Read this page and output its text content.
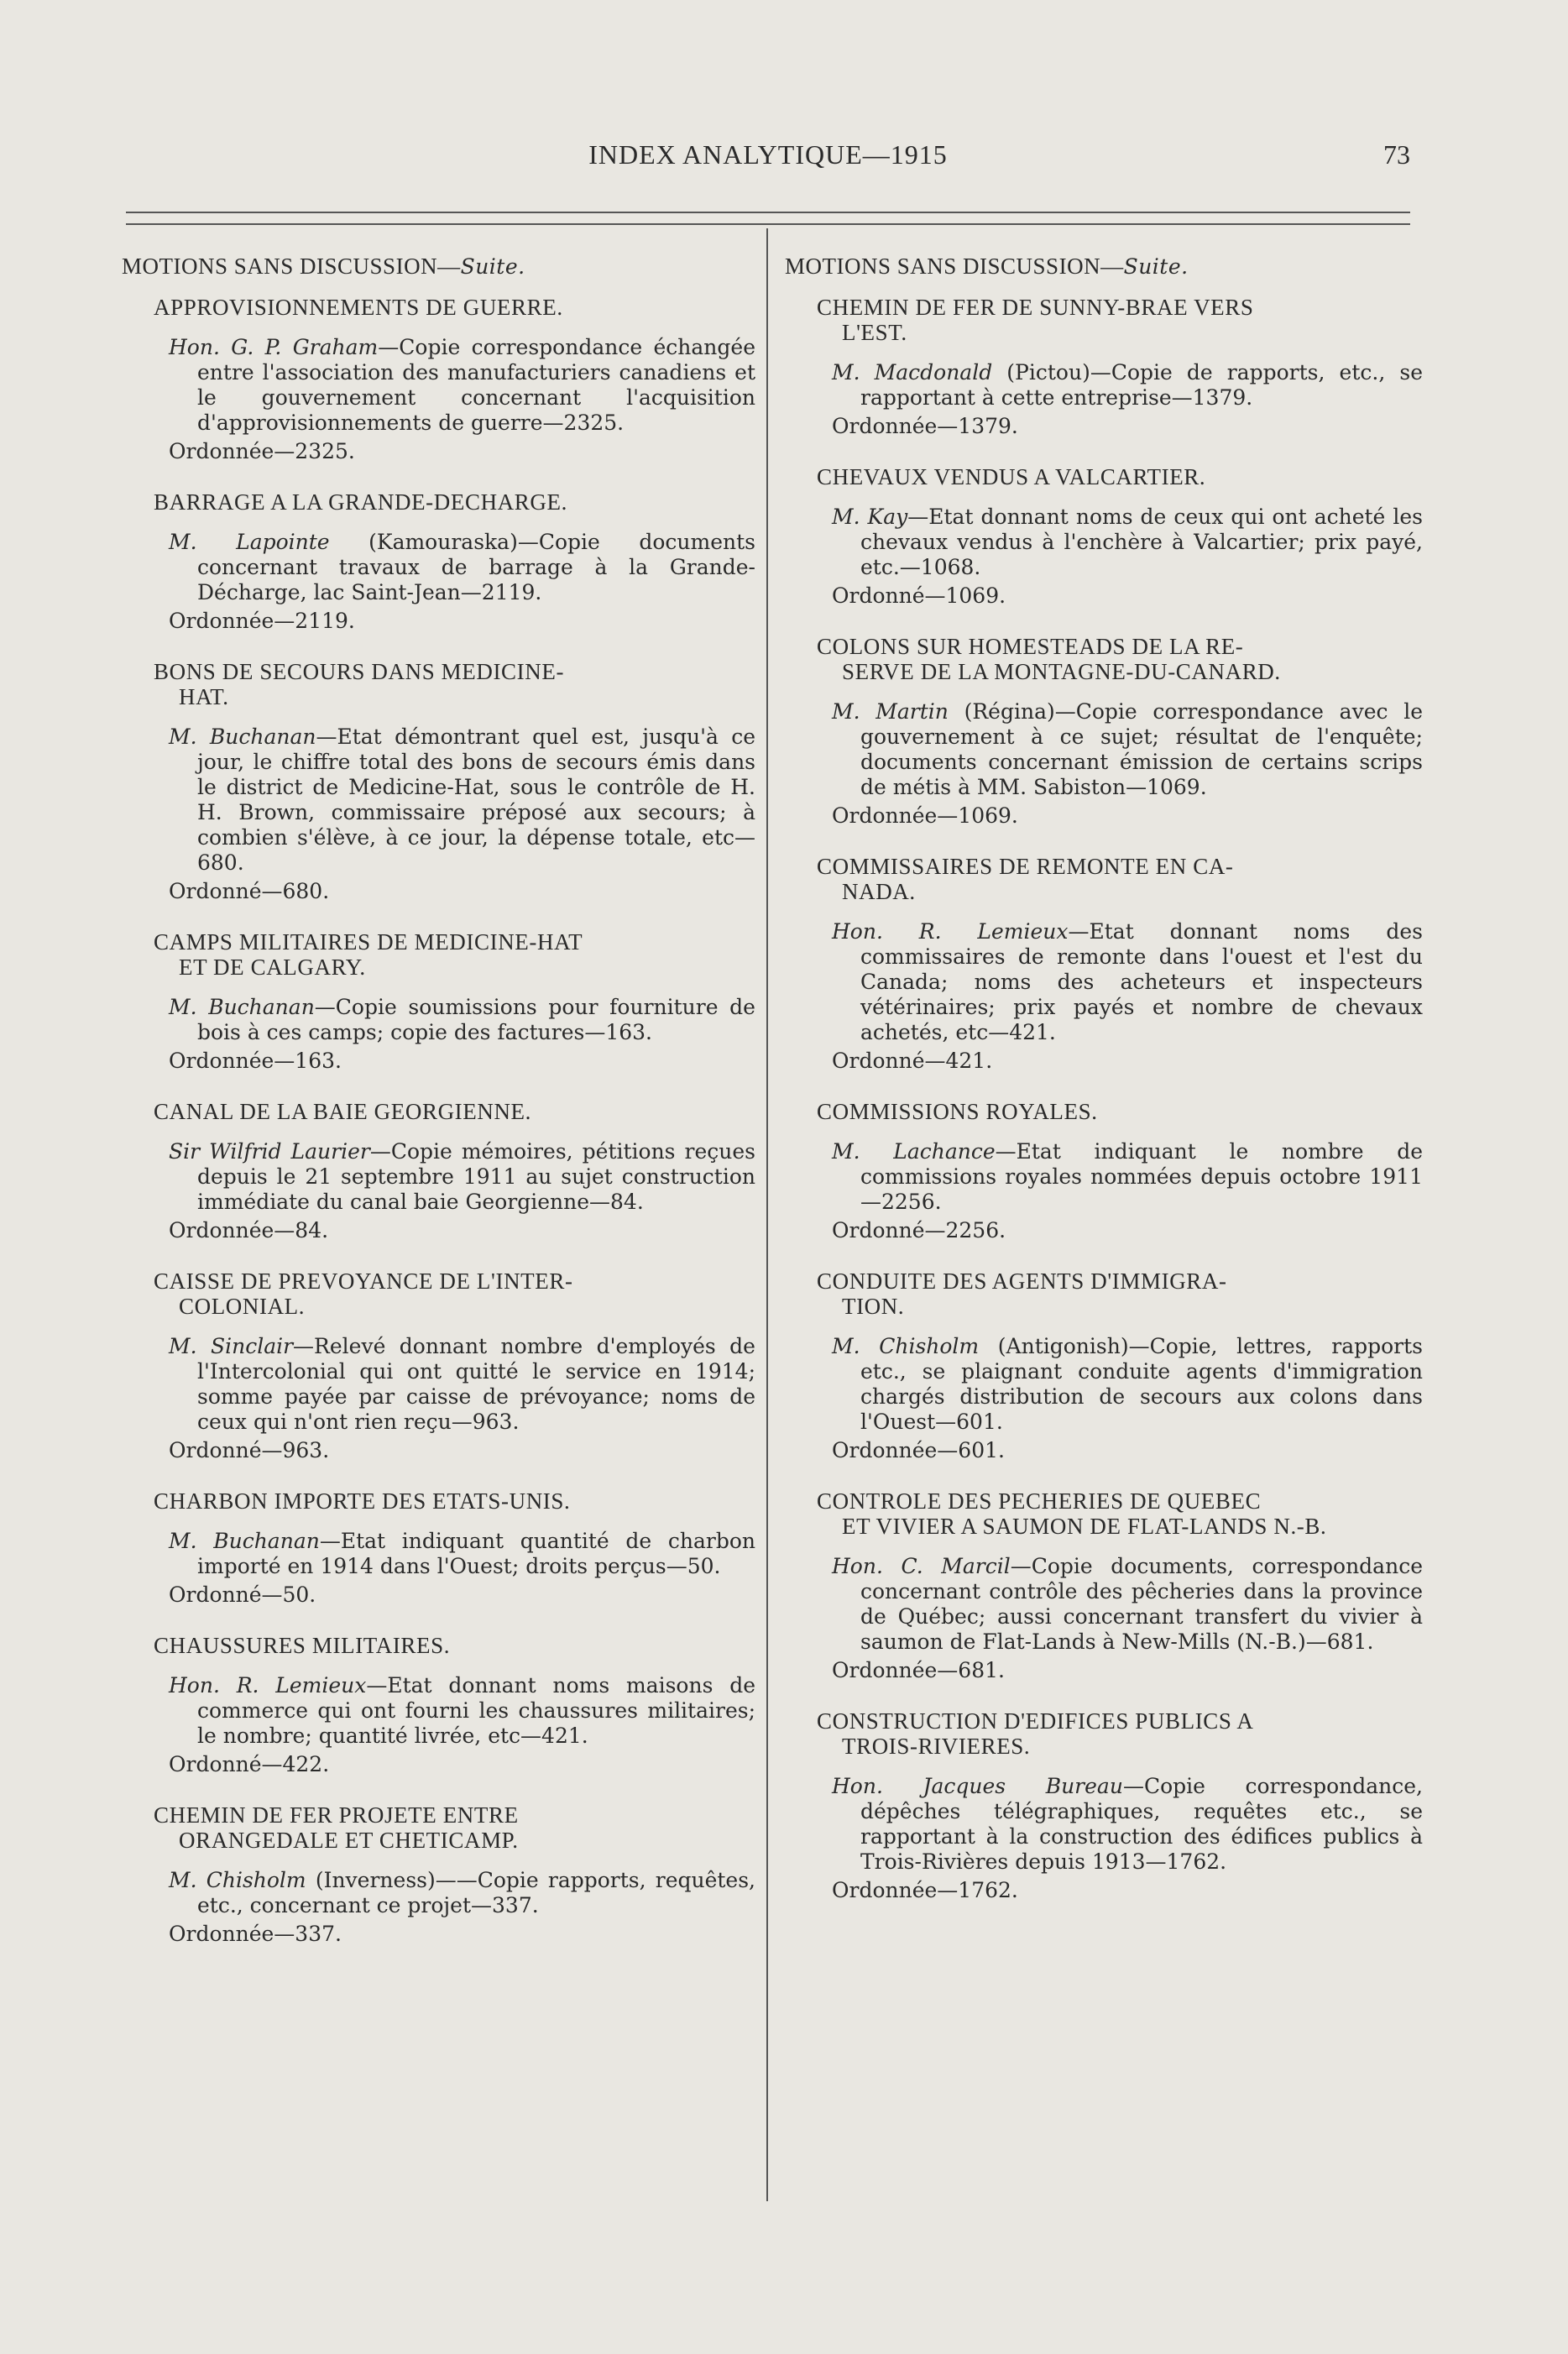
INDEX ANALYTIQUE—1915	73
MOTIONS SANS DISCUSSION—Suite.
APPROVISIONNEMENTS DE GUERRE.
Hon. G. P. Graham—Copie correspondance échangée entre l'association des manufacturiers canadiens et le gouvernement concernant l'acquisition d'approvisionnements de guerre—2325.
Ordonnée—2325.
BARRAGE A LA GRANDE-DECHARGE.
M. Lapointe (Kamouraska)—Copie documents concernant travaux de barrage à la Grande-Décharge, lac Saint-Jean—2119.
Ordonnée—2119.
BONS DE SECOURS DANS MEDICINE-
HAT.
M. Buchanan—Etat démontrant quel est, jusqu'à ce jour, le chiffre total des bons de secours émis dans le district de Medicine-Hat, sous le contrôle de H. H. Brown, commissaire préposé aux secours; à combien s'élève, à ce jour, la dépense totale, etc—680.
Ordonné—680.
CAMPS MILITAIRES DE MEDICINE-HAT
ET DE CALGARY.
M. Buchanan—Copie soumissions pour fourniture de bois à ces camps; copie des factures—163.
Ordonnée—163.
CANAL DE LA BAIE GEORGIENNE.
Sir Wilfrid Laurier—Copie mémoires, pétitions reçues depuis le 21 septembre 1911 au sujet construction immédiate du canal baie Georgienne—84.
Ordonnée—84.
CAISSE DE PREVOYANCE DE L'INTER-
COLONIAL.
M. Sinclair—Relevé donnant nombre d'employés de l'Intercolonial qui ont quitté le service en 1914; somme payée par caisse de prévoyance; noms de ceux qui n'ont rien reçu—963.
Ordonné—963.
CHARBON IMPORTE DES ETATS-UNIS.
M. Buchanan—Etat indiquant quantité de charbon importé en 1914 dans l'Ouest; droits perçus—50.
Ordonné—50.
CHAUSSURES MILITAIRES.
Hon. R. Lemieux—Etat donnant noms maisons de commerce qui ont fourni les chaussures militaires; le nombre; quantité livrée, etc—421.
Ordonné—422.
CHEMIN DE FER PROJETE ENTRE
ORANGEDALE ET CHETICAMP.
M. Chisholm (Inverness)——Copie rapports, requêtes, etc., concernant ce projet—337.
Ordonnée—337.
MOTIONS SANS DISCUSSION—Suite.
CHEMIN DE FER DE SUNNY-BRAE VERS
L'EST.
M. Macdonald (Pictou)—Copie de rapports, etc., se rapportant à cette entreprise—1379.
Ordonnée—1379.
CHEVAUX VENDUS A VALCARTIER.
M. Kay—Etat donnant noms de ceux qui ont acheté les chevaux vendus à l'enchère à Valcartier; prix payé, etc.—1068.
Ordonné—1069.
COLONS SUR HOMESTEADS DE LA RE-
SERVE DE LA MONTAGNE-DU-CANARD.
M. Martin (Régina)—Copie correspondance avec le gouvernement à ce sujet; résultat de l'enquête; documents concernant émission de certains scrips de métis à MM. Sabiston—1069.
Ordonnée—1069.
COMMISSAIRES DE REMONTE EN CA-
NADA.
Hon. R. Lemieux—Etat donnant noms des commissaires de remonte dans l'ouest et l'est du Canada; noms des acheteurs et inspecteurs vétérinaires; prix payés et nombre de chevaux achetés, etc—421.
Ordonné—421.
COMMISSIONS ROYALES.
M. Lachance—Etat indiquant le nombre de commissions royales nommées depuis octobre 1911—2256.
Ordonné—2256.
CONDUITE DES AGENTS D'IMMIGRA-
TION.
M. Chisholm (Antigonish)—Copie, lettres, rapports etc., se plaignant conduite agents d'immigration chargés distribution de secours aux colons dans l'Ouest—601.
Ordonnée—601.
CONTROLE DES PECHERIES DE QUEBEC
ET VIVIER A SAUMON DE FLAT-LANDS N.-B.
Hon. C. Marcil—Copie documents, correspondance concernant contrôle des pêcheries dans la province de Québec; aussi concernant transfert du vivier à saumon de Flat-Lands à New-Mills (N.-B.)—681.
Ordonnée—681.
CONSTRUCTION D'EDIFICES PUBLICS A
TROIS-RIVIERES.
Hon. Jacques Bureau—Copie correspondance, dépêches télégraphiques, requêtes etc., se rapportant à la construction des édifices publics à Trois-Rivières depuis 1913—1762.
Ordonnée—1762.
